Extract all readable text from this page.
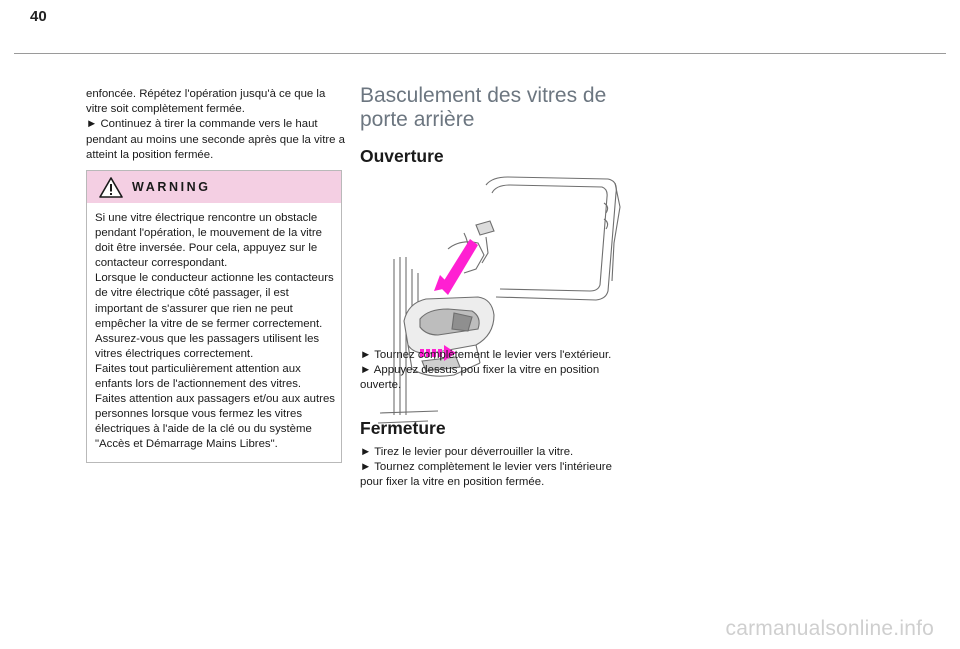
40

enfoncée. Répétez l'opération jusqu'à ce que la vitre soit complètement fermée.

► Continuez à tirer la commande vers le haut pendant au moins une seconde après que la vitre a atteint la position fermée.

WARNING

Si une vitre électrique rencontre un obstacle pendant l'opération, le mouvement de la vitre doit être inversée. Pour cela, appuyez sur le contacteur correspondant.

Lorsque le conducteur actionne les contacteurs de vitre électrique côté passager, il est important de s'assurer que rien ne peut empêcher la vitre de se fermer correctement.

Assurez-vous que les passagers utilisent les vitres électriques correctement.

Faites tout particulièrement attention aux enfants lors de l'actionnement des vitres.

Faites attention aux passagers et/ou aux autres personnes lorsque vous fermez les vitres électriques à l'aide de la clé ou du système "Accès et Démarrage Mains Libres".

Basculement des vitres de porte arrière
Ouverture

► Tournez complètement le levier vers l'extérieur.

► Appuyez dessus pou fixer la vitre en position ouverte.

Fermeture

► Tirez le levier pour déverrouiller la vitre.

► Tournez complètement le levier vers l'intérieure pour fixer la vitre en position fermée.

carmanualsonline.info
